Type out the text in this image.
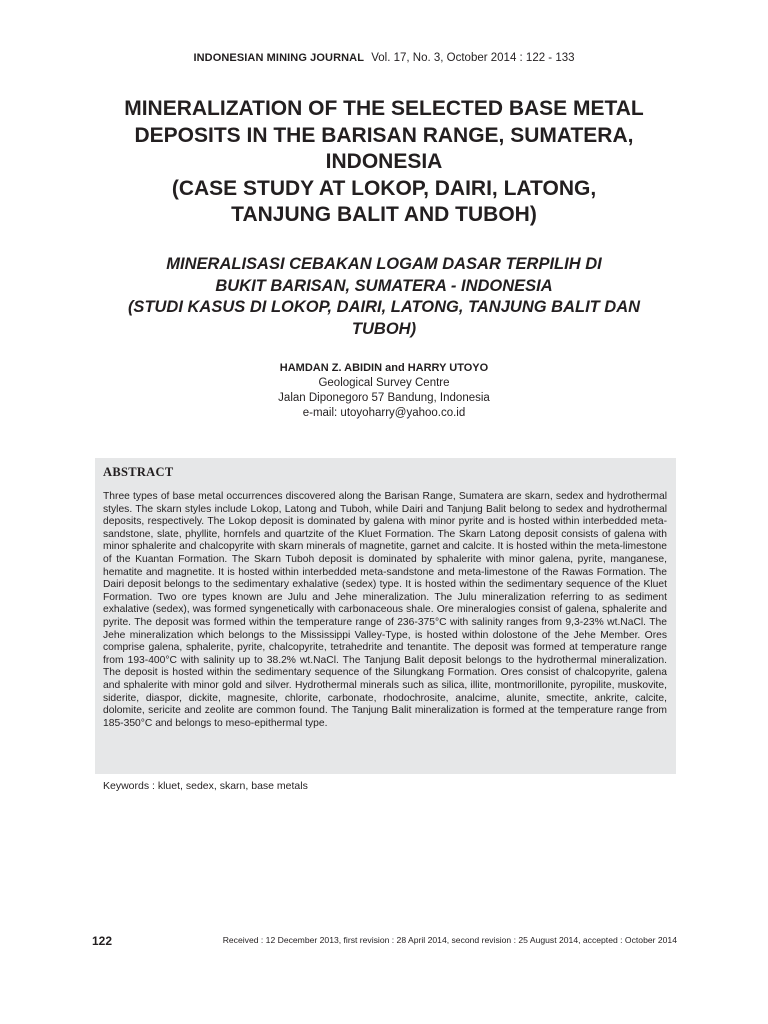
INDONESIAN MINING JOURNAL Vol. 17, No. 3, October 2014 : 122 - 133
MINERALIZATION OF THE SELECTED BASE METAL
DEPOSITS IN THE BARISAN RANGE, SUMATERA,
INDONESIA
(CASE STUDY AT LOKOP, DAIRI, LATONG,
TANJUNG BALIT AND TUBOH)
MINERALISASI CEBAKAN LOGAM DASAR TERPILIH DI
BUKIT BARISAN, SUMATERA - INDONESIA
(STUDI KASUS DI LOKOP, DAIRI, LATONG, TANJUNG BALIT DAN
TUBOH)
HAMDAN Z. ABIDIN and HARRY UTOYO
Geological Survey Centre
Jalan Diponegoro 57 Bandung, Indonesia
e-mail: utoyoharry@yahoo.co.id
ABSTRACT

Three types of base metal occurrences discovered along the Barisan Range, Sumatera are skarn, sedex and hydrothermal styles. The skarn styles include Lokop, Latong and Tuboh, while Dairi and Tanjung Balit belong to sedex and hydrothermal deposits, respectively. The Lokop deposit is dominated by galena with minor pyrite and is hosted within interbedded meta-sandstone, slate, phyllite, hornfels and quartzite of the Kluet Formation. The Skarn Latong deposit consists of galena with minor sphalerite and chalcopyrite with skarn minerals of magnetite, garnet and calcite. It is hosted within the meta-limestone of the Kuantan Formation. The Skarn Tuboh deposit is dominated by sphalerite with minor galena, pyrite, manganese, hematite and magnetite. It is hosted within interbedded meta-sandstone and meta-limestone of the Rawas Formation. The Dairi deposit belongs to the sedimentary exhalative (sedex) type. It is hosted within the sedimentary sequence of the Kluet Formation. Two ore types known are Julu and Jehe mineralization. The Julu mineralization referring to as sediment exhalative (sedex), was formed syngenetically with carbonaceous shale. Ore mineralogies consist of galena, sphalerite and pyrite. The deposit was formed within the temperature range of 236-375°C with salinity ranges from 9,3-23% wt.NaCl. The Jehe mineralization which belongs to the Mississippi Valley-Type, is hosted within dolostone of the Jehe Member. Ores comprise galena, sphalerite, pyrite, chalcopyrite, tetrahedrite and tenantite. The deposit was formed at temperature range from 193-400°C with salinity up to 38.2% wt.NaCl. The Tanjung Balit deposit belongs to the hydrothermal mineralization. The deposit is hosted within the sedimentary sequence of the Silungkang Formation. Ores consist of chalcopyrite, galena and sphalerite with minor gold and silver. Hydrothermal minerals such as silica, illite, montmorillonite, pyropilite, muskovite, siderite, diaspor, dickite, magnesite, chlorite, carbonate, rhodochrosite, analcime, alunite, smectite, ankrite, calcite, dolomite, sericite and zeolite are common found. The Tanjung Balit mineralization is formed at the temperature range from 185-350°C and belongs to meso-epithermal type.

Keywords : kluet, sedex, skarn, base metals
122	Received : 12 December 2013, first revision : 28 April 2014, second revision : 25 August 2014, accepted : October 2014
